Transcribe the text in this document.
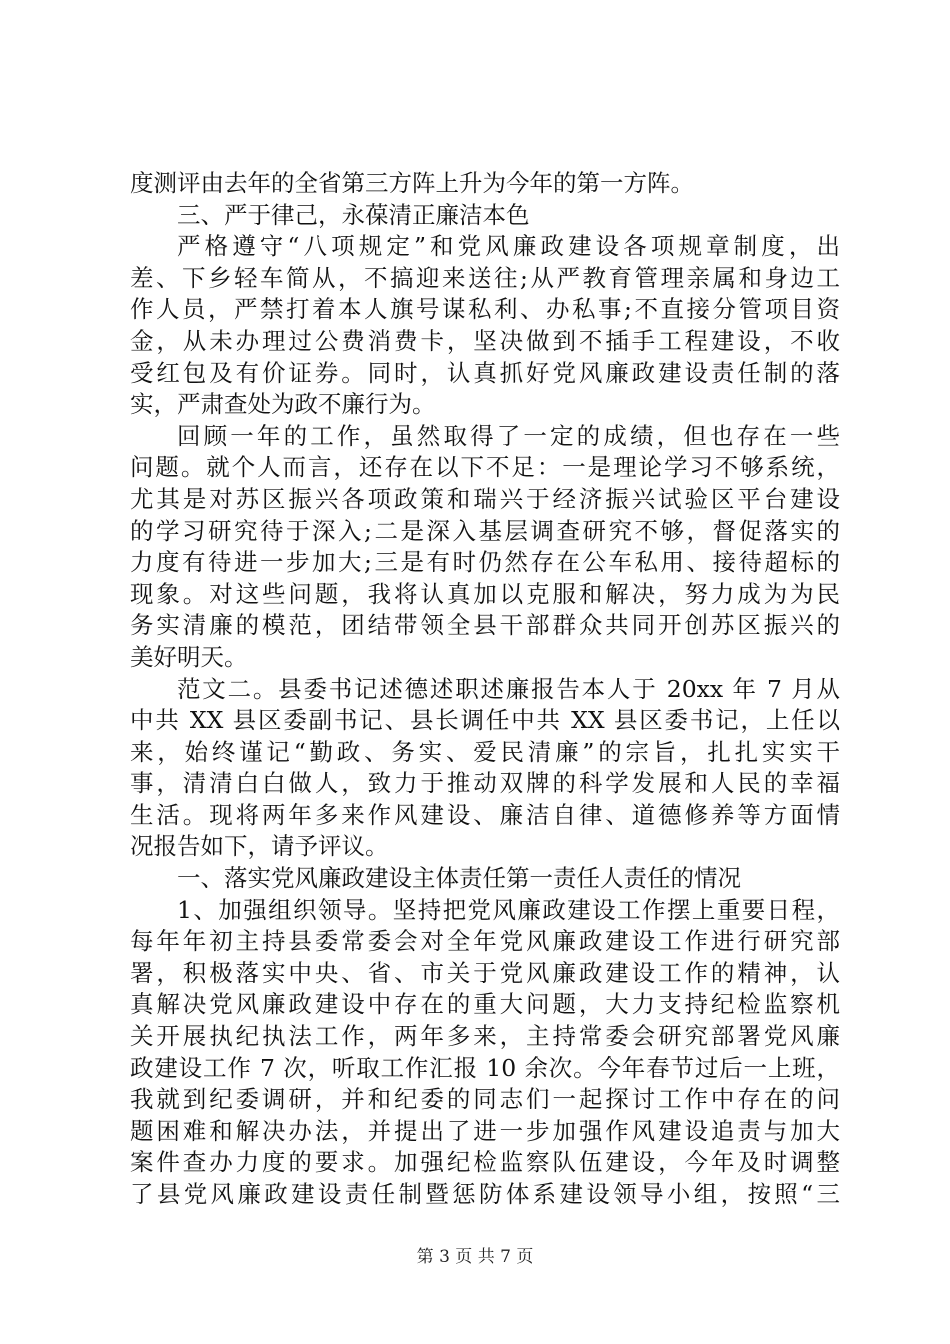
度测评由去年的全省第三方阵上升为今年的第一方阵。
三、严于律己，永葆清正廉洁本色
严格遵守“八项规定”和党风廉政建设各项规章制度，出
差、下乡轻车简从，不搞迎来送往;从严教育管理亲属和身边工
作人员，严禁打着本人旗号谋私利、办私事;不直接分管项目资
金，从未办理过公费消费卡，坚决做到不插手工程建设，不收
受红包及有价证券。同时，认真抓好党风廉政建设责任制的落
实，严肃查处为政不廉行为。
回顾一年的工作，虽然取得了一定的成绩，但也存在一些
问题。就个人而言，还存在以下不足：一是理论学习不够系统，
尤其是对苏区振兴各项政策和瑞兴于经济振兴试验区平台建设
的学习研究待于深入;二是深入基层调查研究不够，督促落实的
力度有待进一步加大;三是有时仍然存在公车私用、接待超标的
现象。对这些问题，我将认真加以克服和解决，努力成为为民
务实清廉的模范，团结带领全县干部群众共同开创苏区振兴的
美好明天。
范文二。县委书记述德述职述廉报告本人于 20xx 年 7 月从
中共 XX 县区委副书记、县长调任中共 XX 县区委书记，上任以
来，始终谨记“勤政、务实、爱民清廉”的宗旨，扎扎实实干
事，清清白白做人，致力于推动双牌的科学发展和人民的幸福
生活。现将两年多来作风建设、廉洁自律、道德修养等方面情
况报告如下，请予评议。
一、落实党风廉政建设主体责任第一责任人责任的情况
1、加强组织领导。坚持把党风廉政建设工作摆上重要日程，
每年年初主持县委常委会对全年党风廉政建设工作进行研究部
署，积极落实中央、省、市关于党风廉政建设工作的精神，认
真解决党风廉政建设中存在的重大问题，大力支持纪检监察机
关开展执纪执法工作，两年多来，主持常委会研究部署党风廉
政建设工作 7 次，听取工作汇报 10 余次。今年春节过后一上班，
我就到纪委调研，并和纪委的同志们一起探讨工作中存在的问
题困难和解决办法，并提出了进一步加强作风建设追责与加大
案件查办力度的要求。加强纪检监察队伍建设，今年及时调整
了县党风廉政建设责任制暨惩防体系建设领导小组，按照“三
第 3 页 共 7 页
